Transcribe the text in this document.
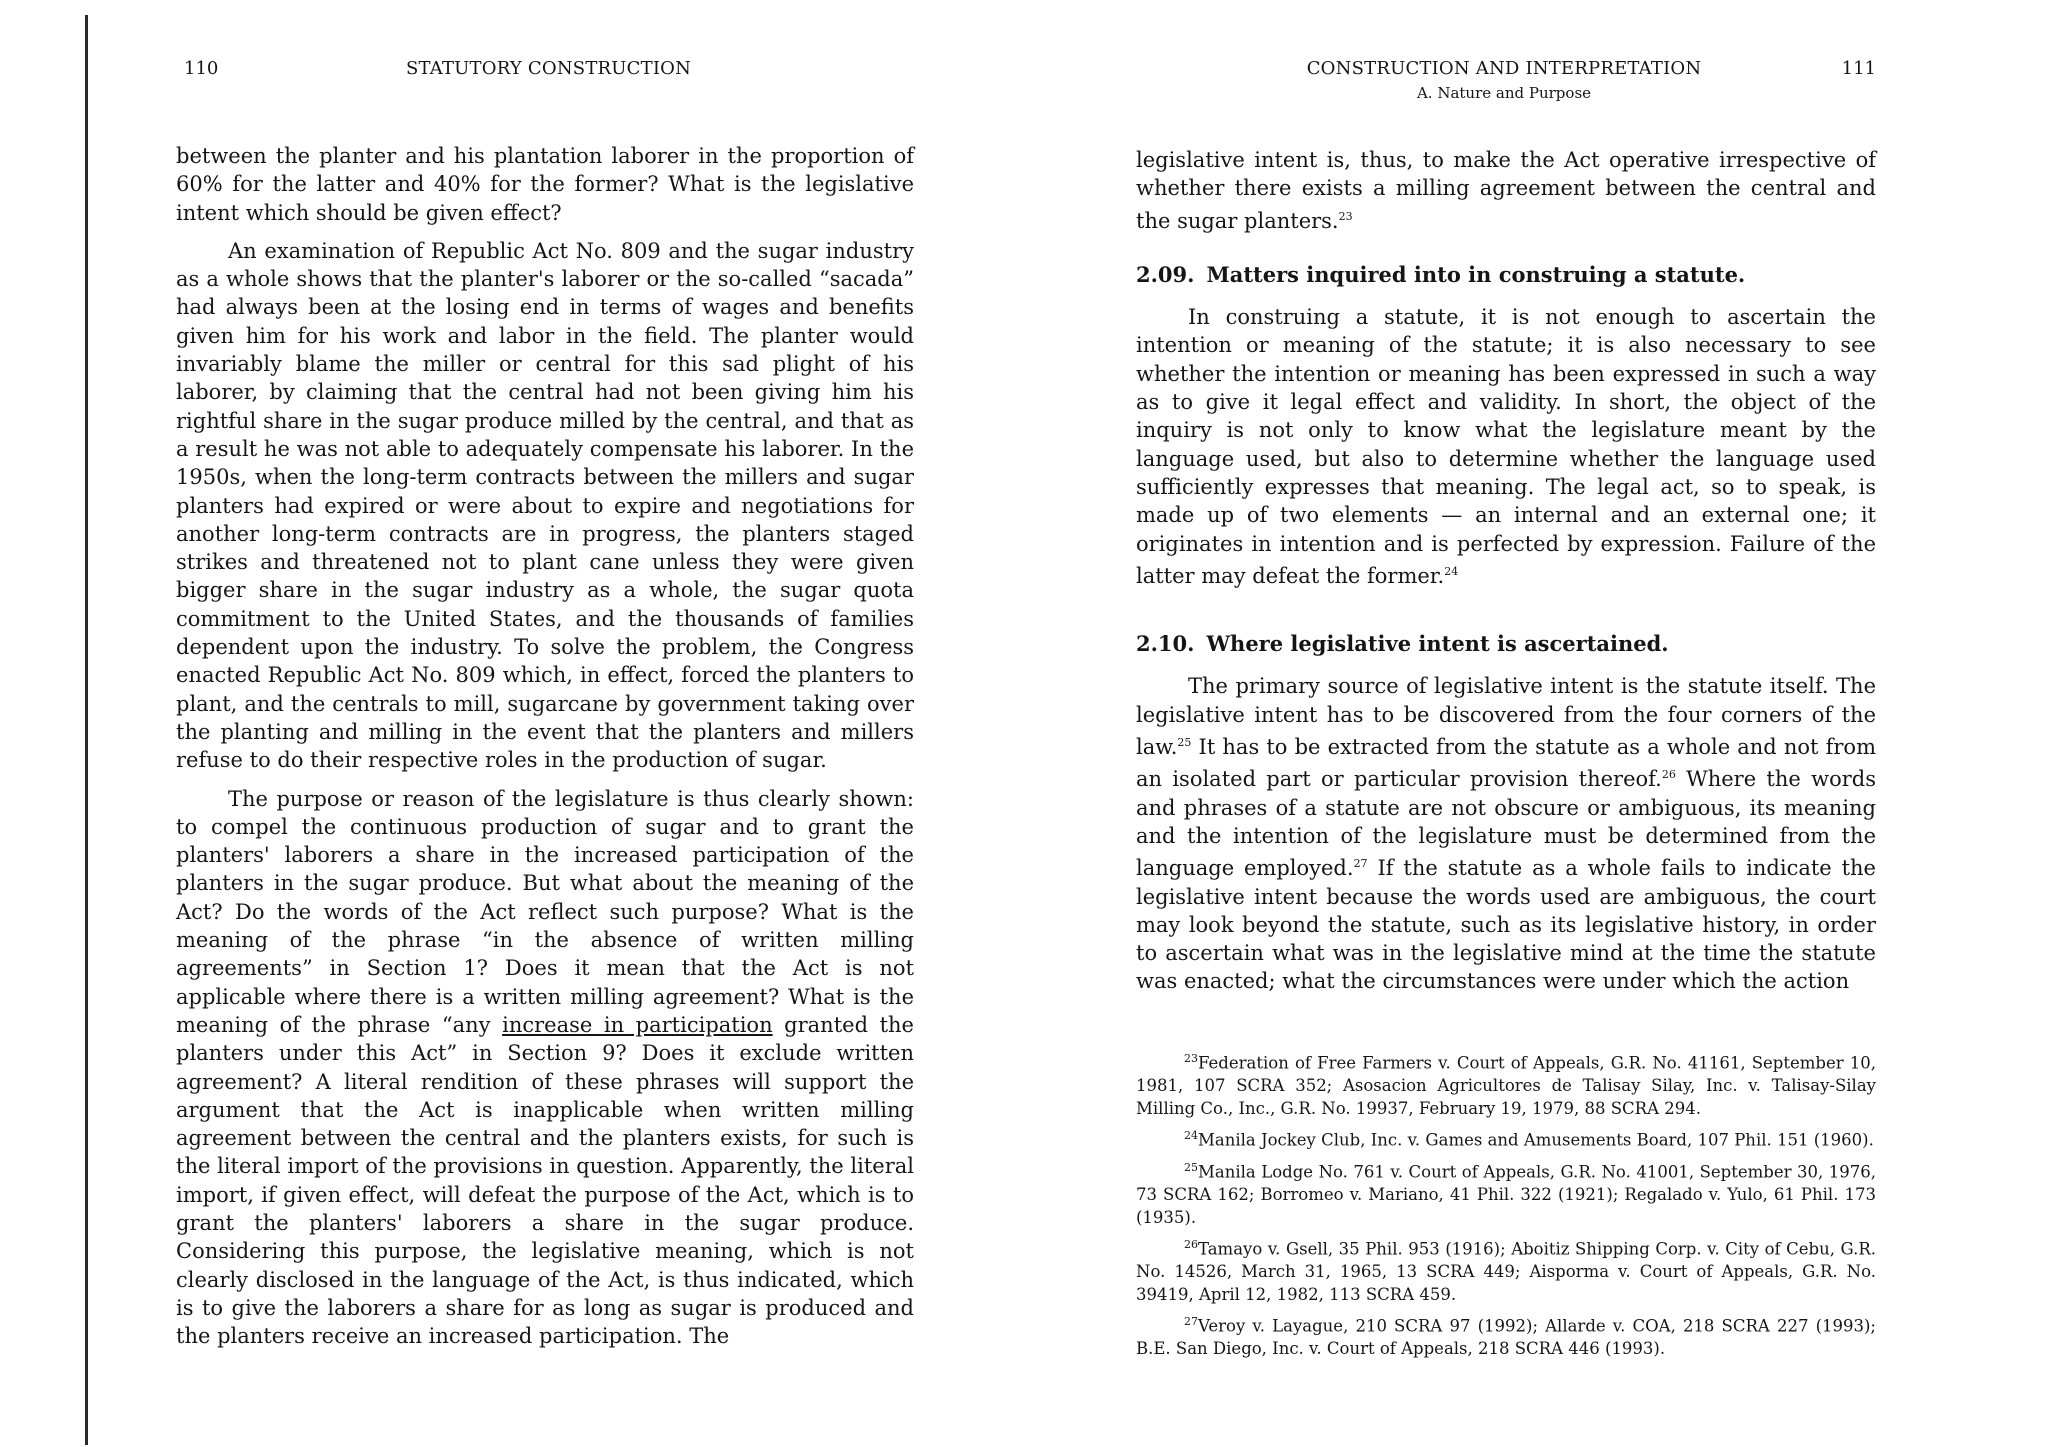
110	STATUTORY CONSTRUCTION

between the planter and his plantation laborer in the proportion of 60% for the latter and 40% for the former? What is the legislative intent which should be given effect?

An examination of Republic Act No. 809 and the sugar industry as a whole shows that the planter's laborer or the so-called “sacada” had always been at the losing end in terms of wages and benefits given him for his work and labor in the field. The planter would invariably blame the miller or central for this sad plight of his laborer, by claiming that the central had not been giving him his rightful share in the sugar produce milled by the central, and that as a result he was not able to adequately compensate his laborer. In the 1950s, when the long-term contracts between the millers and sugar planters had expired or were about to expire and negotiations for another long-term contracts are in progress, the planters staged strikes and threatened not to plant cane unless they were given bigger share in the sugar industry as a whole, the sugar quota commitment to the United States, and the thousands of families dependent upon the industry. To solve the problem, the Congress enacted Republic Act No. 809 which, in effect, forced the planters to plant, and the centrals to mill, sugarcane by government taking over the planting and milling in the event that the planters and millers refuse to do their respective roles in the production of sugar.

The purpose or reason of the legislature is thus clearly shown: to compel the continuous production of sugar and to grant the planters' laborers a share in the increased participation of the planters in the sugar produce. But what about the meaning of the Act? Do the words of the Act reflect such purpose? What is the meaning of the phrase “in the absence of written milling agreements” in Section 1? Does it mean that the Act is not applicable where there is a written milling agreement? What is the meaning of the phrase “any increase in participation granted the planters under this Act” in Section 9? Does it exclude written agreement? A literal rendition of these phrases will support the argument that the Act is inapplicable when written milling agreement between the central and the planters exists, for such is the literal import of the provisions in question. Apparently, the literal import, if given effect, will defeat the purpose of the Act, which is to grant the planters' laborers a share in the sugar produce. Considering this purpose, the legislative meaning, which is not clearly disclosed in the language of the Act, is thus indicated, which is to give the laborers a share for as long as sugar is produced and the planters receive an increased participation. The

CONSTRUCTION AND INTERPRETATION
A. Nature and Purpose
111

legislative intent is, thus, to make the Act operative irrespective of whether there exists a milling agreement between the central and the sugar planters.$^{23}$

2.09. Matters inquired into in construing a statute.

In construing a statute, it is not enough to ascertain the intention or meaning of the statute; it is also necessary to see whether the intention or meaning has been expressed in such a way as to give it legal effect and validity. In short, the object of the inquiry is not only to know what the legislature meant by the language used, but also to determine whether the language used sufficiently expresses that meaning. The legal act, so to speak, is made up of two elements — an internal and an external one; it originates in intention and is perfected by expression. Failure of the latter may defeat the former.$^{24}$

2.10. Where legislative intent is ascertained.

The primary source of legislative intent is the statute itself. The legislative intent has to be discovered from the four corners of the law.$^{25}$ It has to be extracted from the statute as a whole and not from an isolated part or particular provision thereof.$^{26}$ Where the words and phrases of a statute are not obscure or ambiguous, its meaning and the intention of the legislature must be determined from the language employed.$^{27}$ If the statute as a whole fails to indicate the legislative intent because the words used are ambiguous, the court may look beyond the statute, such as its legislative history, in order to ascertain what was in the legislative mind at the time the statute was enacted; what the circumstances were under which the action

$^{23}$Federation of Free Farmers v. Court of Appeals, G.R. No. 41161, September 10, 1981, 107 SCRA 352; Asosacion Agricultores de Talisay Silay, Inc. v. Talisay-Silay Milling Co., Inc., G.R. No. 19937, February 19, 1979, 88 SCRA 294.

$^{24}$Manila Jockey Club, Inc. v. Games and Amusements Board, 107 Phil. 151 (1960).

$^{25}$Manila Lodge No. 761 v. Court of Appeals, G.R. No. 41001, September 30, 1976, 73 SCRA 162; Borromeo v. Mariano, 41 Phil. 322 (1921); Regalado v. Yulo, 61 Phil. 173 (1935).

$^{26}$Tamayo v. Gsell, 35 Phil. 953 (1916); Aboitiz Shipping Corp. v. City of Cebu, G.R. No. 14526, March 31, 1965, 13 SCRA 449; Aisporma v. Court of Appeals, G.R. No. 39419, April 12, 1982, 113 SCRA 459.

$^{27}$Veroy v. Layague, 210 SCRA 97 (1992); Allarde v. COA, 218 SCRA 227 (1993); B.E. San Diego, Inc. v. Court of Appeals, 218 SCRA 446 (1993).
